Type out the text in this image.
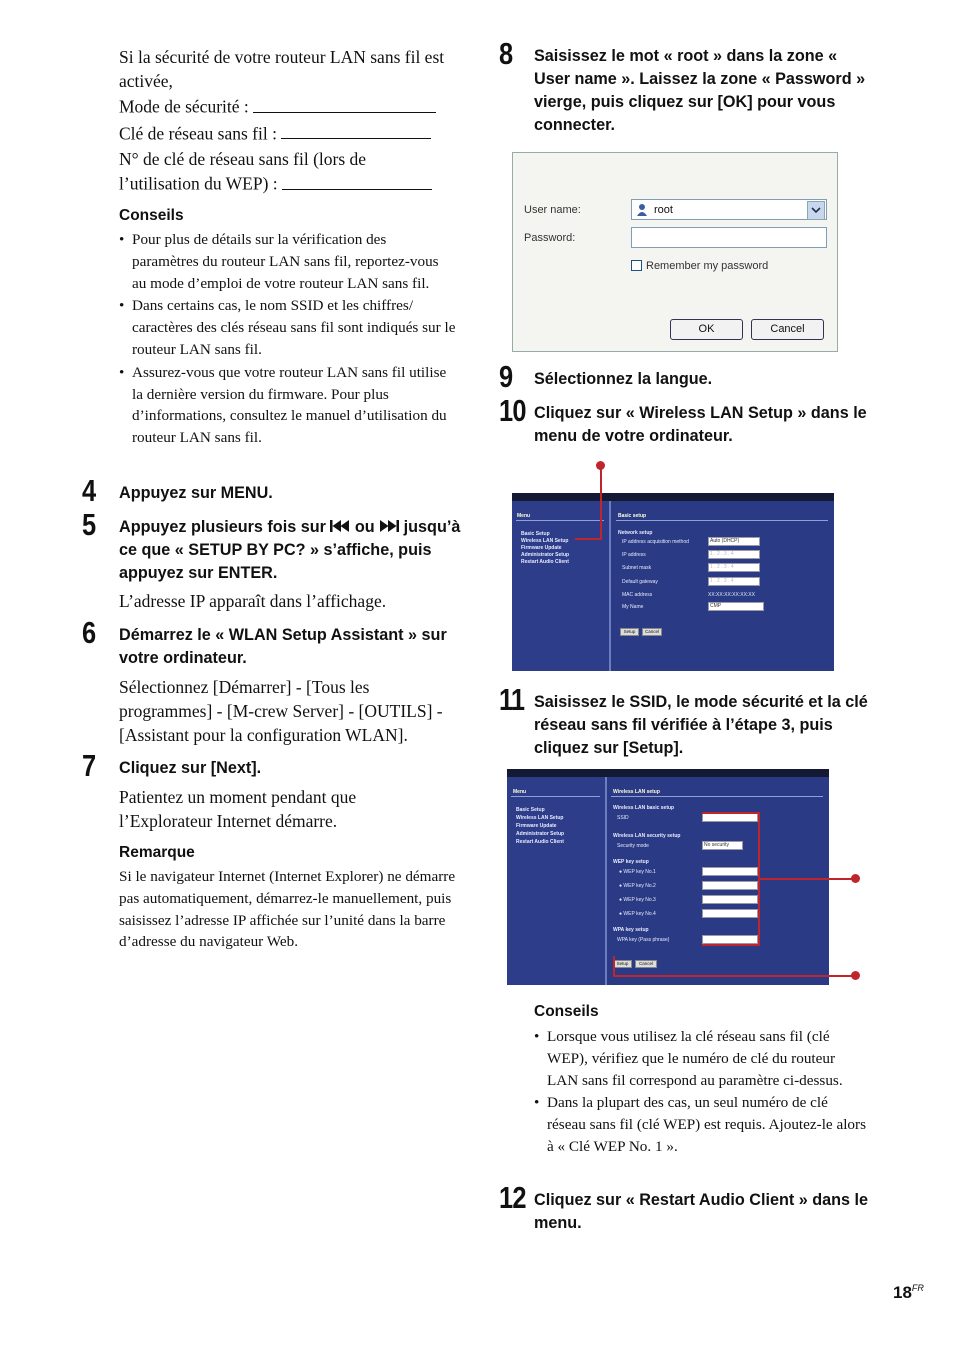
Si la sécurité de votre routeur LAN sans fil est activée,
Mode de sécurité :
Clé de réseau sans fil :
N° de clé de réseau sans fil (lors de
l’utilisation du WEP) :
Conseils
• Pour plus de détails sur la vérification des paramètres du routeur LAN sans fil, reportez-vous au mode d’emploi de votre routeur LAN sans fil.
• Dans certains cas, le nom SSID et les chiffres/ caractères des clés réseau sans fil sont indiqués sur le routeur LAN sans fil.
• Assurez-vous que votre routeur LAN sans fil utilise la dernière version du firmware. Pour plus d’informations, consultez le manuel d’utilisation du routeur LAN sans fil.
4 Appuyez sur MENU.
5 Appuyez plusieurs fois sur ou jusqu’à ce que « SETUP BY PC? » s’affiche, puis appuyez sur ENTER.
L’adresse IP apparaît dans l’affichage.
6 Démarrez le « WLAN Setup Assistant » sur votre ordinateur.
Sélectionnez [Démarrer] - [Tous les programmes] - [M-crew Server] - [OUTILS] - [Assistant pour la configuration WLAN].
7 Cliquez sur [Next].
Patientez un moment pendant que l’Explorateur Internet démarre.
Remarque
Si le navigateur Internet (Internet Explorer) ne démarre pas automatiquement, démarrez-le manuellement, puis saisissez l’adresse IP affichée sur l’unité dans la barre d’adresse du navigateur Web.
8 Saisissez le mot « root » dans la zone « User name ». Laissez la zone « Password » vierge, puis cliquez sur [OK] pour vous connecter.
User name:	root
Password:
Remember my password
OK	Cancel
9 Sélectionnez la langue.
10 Cliquez sur « Wireless LAN Setup » dans le menu de votre ordinateur.
Menu
Basic Setup
Wireless LAN Setup
Firmware Update
Administrator Setup
Restart Audio Client
Basic setup
Network setup
IP address acquisition method	Auto (DHCP)
IP address	1 . 2 . 3 . 4
Subnet mask	1 . 2 . 3 . 4
Default gateway	1 . 2 . 3 . 4
MAC address	XX:XX:XX:XX:XX:XX
My Name	CMP
Setup	Cancel
11 Saisissez le SSID, le mode sécurité et la clé réseau sans fil vérifiée à l’étape 3, puis cliquez sur [Setup].
Menu
Basic Setup
Wireless LAN Setup
Firmware Update
Administrator Setup
Restart Audio Client
Wireless LAN setup
Wireless LAN basic setup
SSID
Wireless LAN security setup
Security mode	No security
WEP key setup
● WEP key No.1
● WEP key No.2
● WEP key No.3
● WEP key No.4
WPA key setup
WPA key (Pass phrase)
Setup	Cancel
Conseils
• Lorsque vous utilisez la clé réseau sans fil (clé WEP), vérifiez que le numéro de clé du routeur LAN sans fil correspond au paramètre ci-dessus.
• Dans la plupart des cas, un seul numéro de clé réseau sans fil (clé WEP) est requis. Ajoutez-le alors à « Clé WEP No. 1 ».
12 Cliquez sur « Restart Audio Client » dans le menu.
$18^{FR}$
